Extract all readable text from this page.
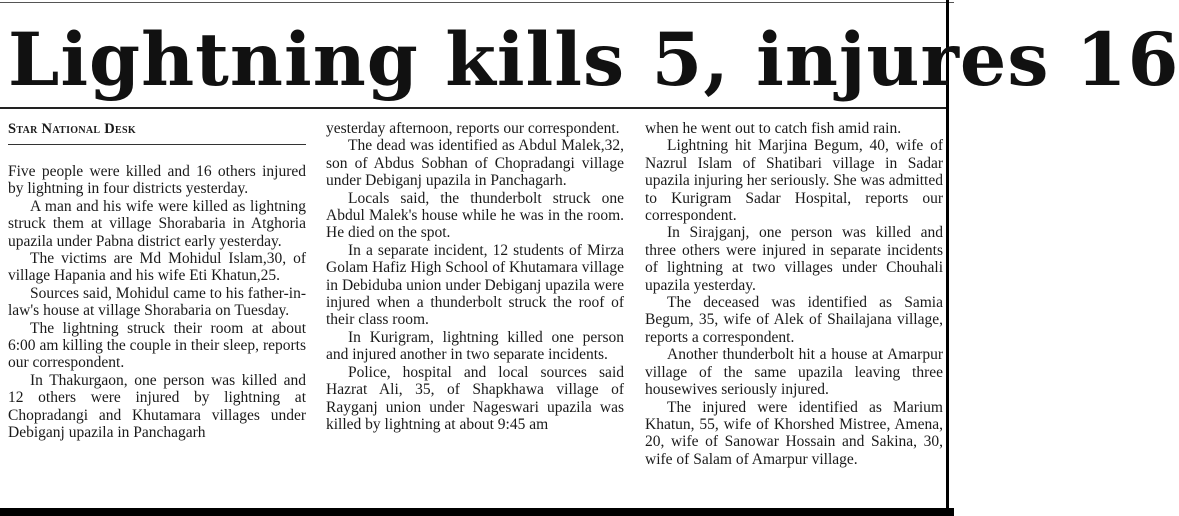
Lightning kills 5, injures 16
Star National Desk

Five people were killed and 16 others injured by lightning in four districts yesterday.

A man and his wife were killed as lightning struck them at village Shorabaria in Atghoria upazila under Pabna district early yesterday.

The victims are Md Mohidul Islam,30, of village Hapania and his wife Eti Khatun,25.

Sources said, Mohidul came to his father-in-law's house at village Shorabaria on Tuesday.

The lightning struck their room at about 6:00 am killing the couple in their sleep, reports our correspondent.

In Thakurgaon, one person was killed and 12 others were injured by lightning at Chopradangi and Khutamara villages under Debiganj upazila in Panchagarh

yesterday afternoon, reports our correspondent.

The dead was identified as Abdul Malek,32, son of Abdus Sobhan of Chopradangi village under Debiganj upazila in Panchagarh.

Locals said, the thunderbolt struck one Abdul Malek's house while he was in the room. He died on the spot.

In a separate incident, 12 students of Mirza Golam Hafiz High School of Khutamara village in Debiduba union under Debiganj upazila were injured when a thunderbolt struck the roof of their class room.

In Kurigram, lightning killed one person and injured another in two separate incidents.

Police, hospital and local sources said Hazrat Ali, 35, of Shapkhawa village of Rayganj union under Nageswari upazila was killed by lightning at about 9:45 am

when he went out to catch fish amid rain.

Lightning hit Marjina Begum, 40, wife of Nazrul Islam of Shatibari village in Sadar upazila injuring her seriously. She was admitted to Kurigram Sadar Hospital, reports our correspondent.

In Sirajganj, one person was killed and three others were injured in separate incidents of lightning at two villages under Chouhali upazila yesterday.

The deceased was identified as Samia Begum, 35, wife of Alek of Shailajana village, reports a correspondent.

Another thunderbolt hit a house at Amarpur village of the same upazila leaving three housewives seriously injured.

The injured were identified as Marium Khatun, 55, wife of Khorshed Mistree, Amena, 20, wife of Sanowar Hossain and Sakina, 30, wife of Salam of Amarpur village.
